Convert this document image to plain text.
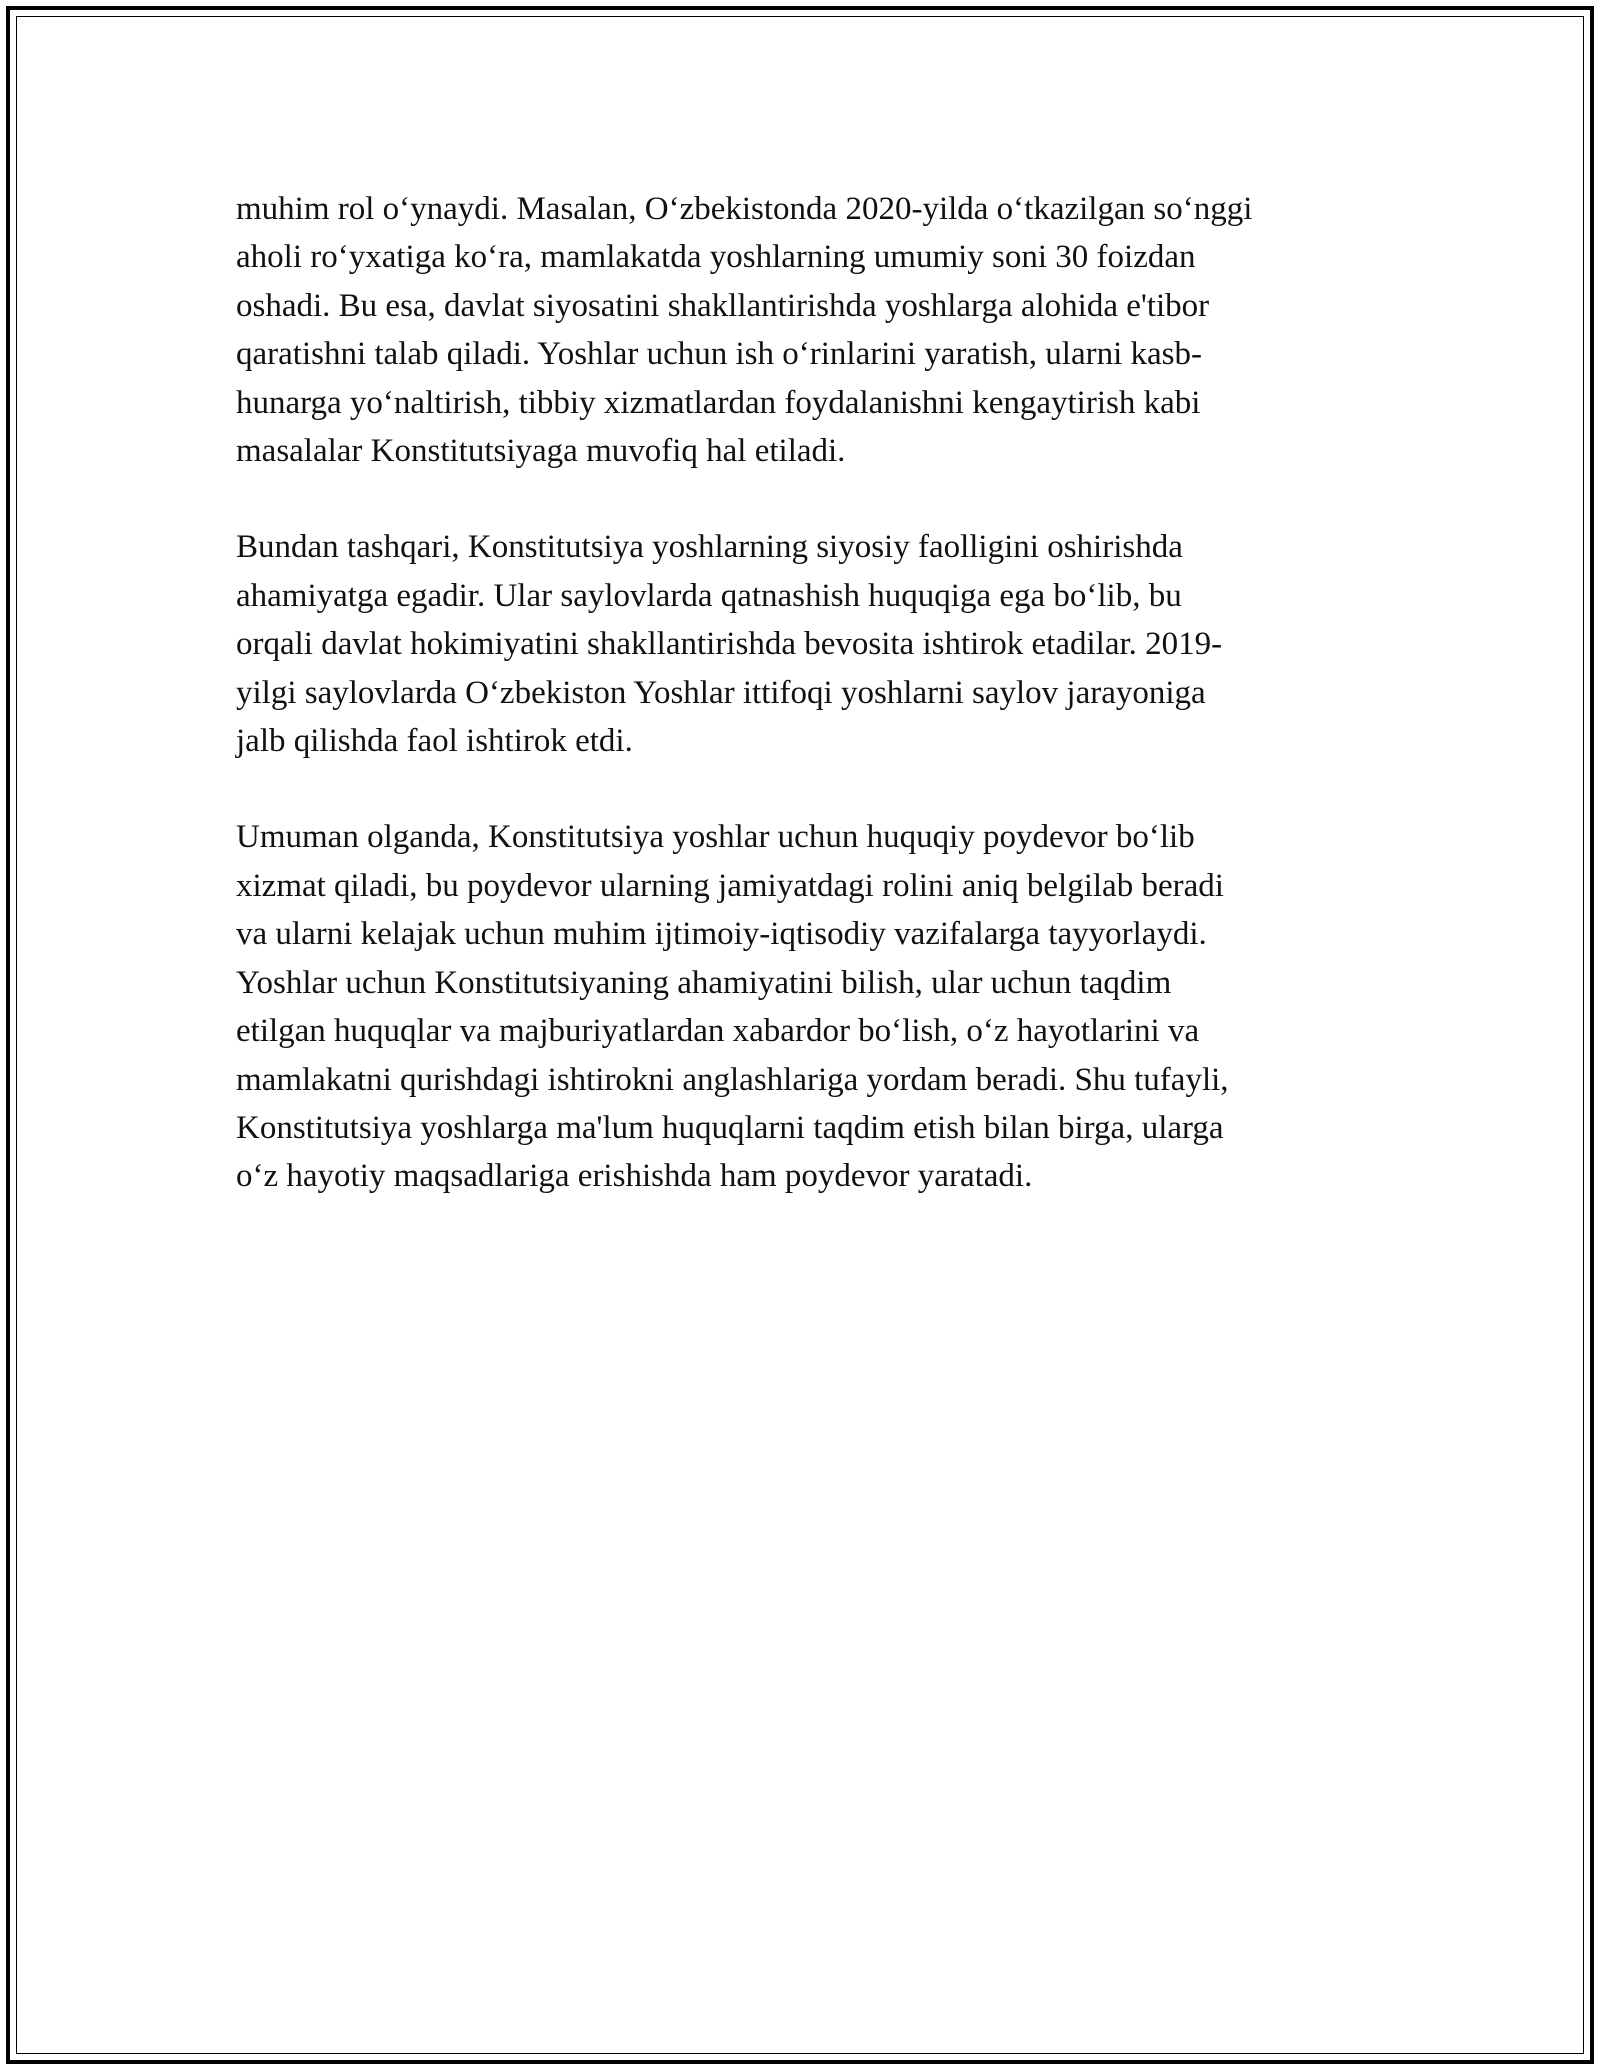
muhim rol o‘ynaydi. Masalan, O‘zbekistonda 2020-yilda o‘tkazilgan so‘nggi
aholi ro‘yxatiga ko‘ra, mamlakatda yoshlarning umumiy soni 30 foizdan
oshadi. Bu esa, davlat siyosatini shakllantirishda yoshlarga alohida e'tibor
qaratishni talab qiladi. Yoshlar uchun ish o‘rinlarini yaratish, ularni kasb-
hunarga yo‘naltirish, tibbiy xizmatlardan foydalanishni kengaytirish kabi
masalalar Konstitutsiyaga muvofiq hal etiladi.

Bundan tashqari, Konstitutsiya yoshlarning siyosiy faolligini oshirishda
ahamiyatga egadir. Ular saylovlarda qatnashish huquqiga ega bo‘lib, bu
orqali davlat hokimiyatini shakllantirishda bevosita ishtirok etadilar. 2019-
yilgi saylovlarda O‘zbekiston Yoshlar ittifoqi yoshlarni saylov jarayoniga
jalb qilishda faol ishtirok etdi.

Umuman olganda, Konstitutsiya yoshlar uchun huquqiy poydevor bo‘lib
xizmat qiladi, bu poydevor ularning jamiyatdagi rolini aniq belgilab beradi
va ularni kelajak uchun muhim ijtimoiy-iqtisodiy vazifalarga tayyorlaydi.
Yoshlar uchun Konstitutsiyaning ahamiyatini bilish, ular uchun taqdim
etilgan huquqlar va majburiyatlardan xabardor bo‘lish, o‘z hayotlarini va
mamlakatni qurishdagi ishtirokni anglashlariga yordam beradi. Shu tufayli,
Konstitutsiya yoshlarga ma'lum huquqlarni taqdim etish bilan birga, ularga
o‘z hayotiy maqsadlariga erishishda ham poydevor yaratadi.
